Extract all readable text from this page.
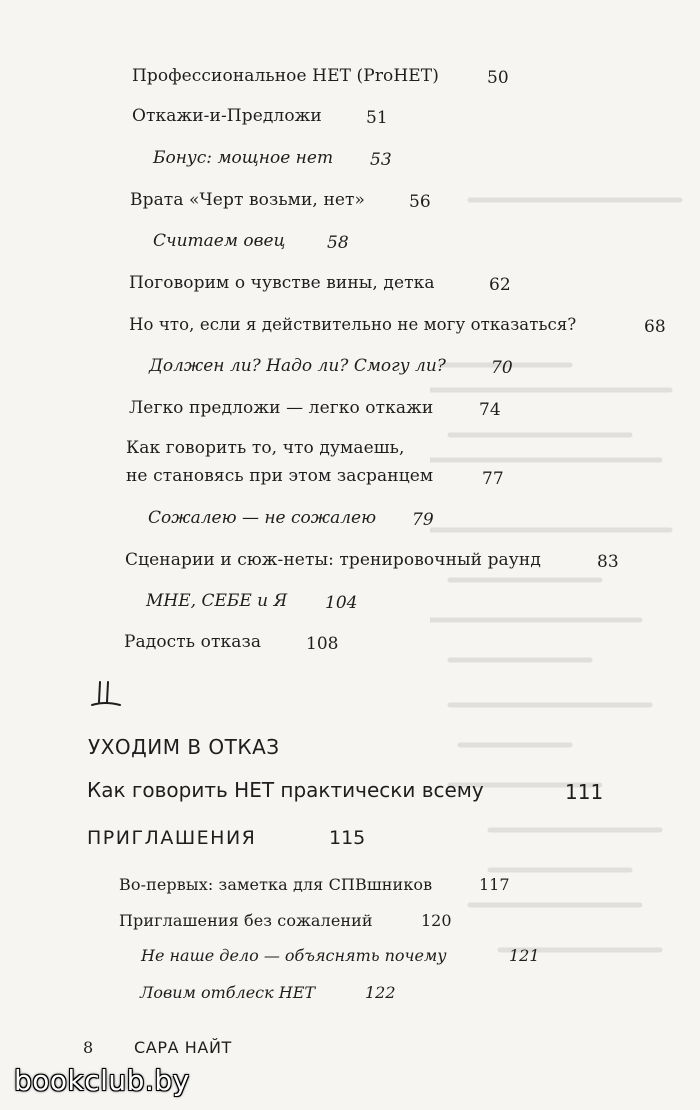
Профессиональное НЕТ (ProНЕТ)	50
Откажи-и-Предложи	51
Бонус: мощное нет 53
Врата «Черт возьми, нет»	56
Считаем овец 58
Поговорим о чувстве вины, детка	62
Но что, если я действительно не могу отказаться?	68
Должен ли? Надо ли? Смогу ли?	70
Легко предложи — легко откажи	74
Как говорить то, что думаешь,
не становясь при этом засранцем	77
Сожалею — не сожалею 79
Сценарии и сюж-неты: тренировочный раунд	83
МНЕ, СЕБЕ и Я 104
Радость отказа	108
УХОДИМ В ОТКАЗ
Как говорить НЕТ практически всему	111
ПРИГЛАШЕНИЯ	115
Во-первых: заметка для СПВшников	117
Приглашения без сожалений	120
Не наше дело — объяснять почему	121
Ловим отблеск НЕТ	122
8	САРА НАЙТ
bookclub.by
